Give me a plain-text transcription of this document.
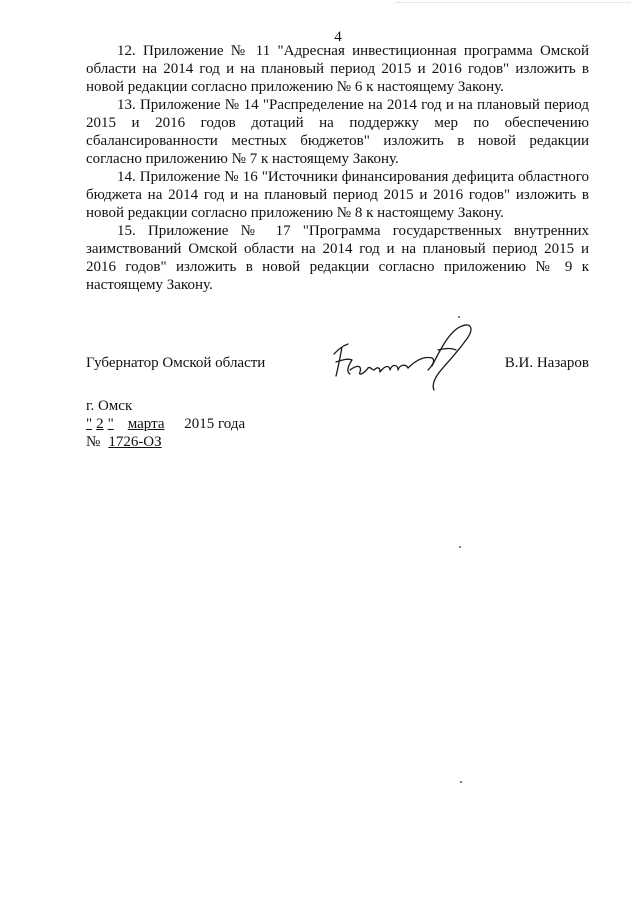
4

12. Приложение № 11 "Адресная инвестиционная программа Омской области на 2014 год и на плановый период 2015 и 2016 годов" изложить в новой редакции согласно приложению № 6 к настоящему Закону.

13. Приложение № 14 "Распределение на 2014 год и на плановый период 2015 и 2016 годов дотаций на поддержку мер по обеспечению сбалансированности местных бюджетов" изложить в новой редакции согласно приложению № 7 к настоящему Закону.

14. Приложение № 16 "Источники финансирования дефицита областного бюджета на 2014 год и на плановый период 2015 и 2016 годов" изложить в новой редакции согласно приложению № 8 к настоящему Закону.

15. Приложение № 17 "Программа государственных внутренних заимствований Омской области на 2014 год и на плановый период 2015 и 2016 годов" изложить в новой редакции согласно приложению № 9 к настоящему Закону.

Губернатор Омской области	В.И. Назаров
г. Омск
" 2 " марта 2015 года
№ 1726-ОЗ
